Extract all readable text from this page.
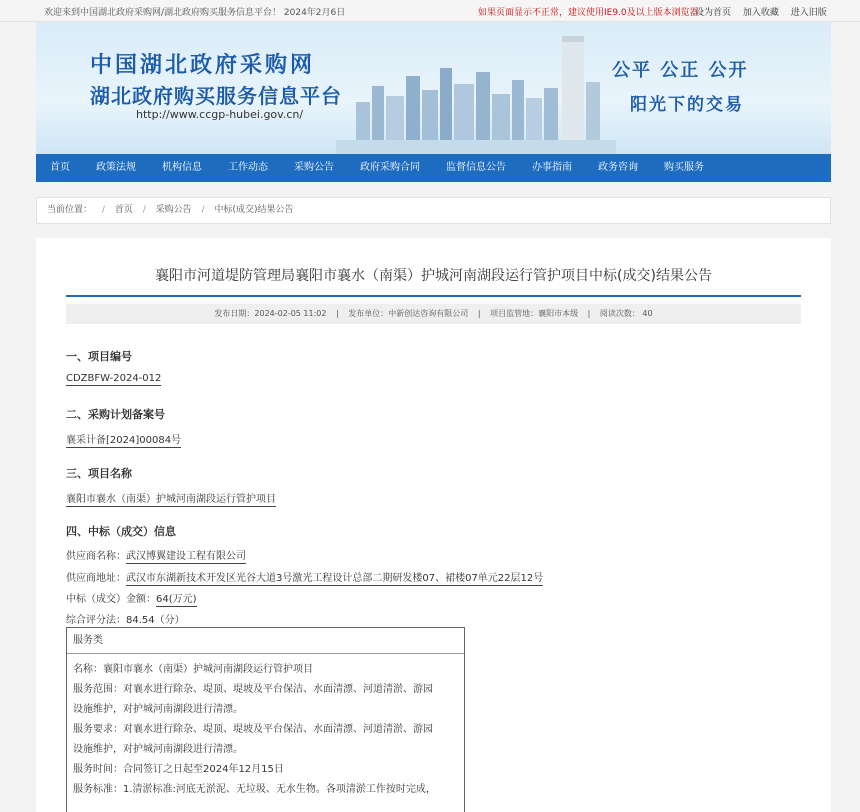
欢迎来到中国湖北政府采购网/湖北政府购买服务信息平台！ 2024年2月6日	如果页面显示不正常，建议使用IE9.0及以上版本浏览器
设为首页 加入收藏 进入旧版
中国湖北政府采购网
湖北政府购买服务信息平台
http://www.ccgp-hubei.gov.cn/
公平 公正 公开
阳光下的交易
首页	政策法规	机构信息	工作动态	采购公告	政府采购合同	监督信息公告	办事指南	政务咨询	购买服务
当前位置： / 首页 / 采购公告 / 中标(成交)结果公告
襄阳市河道堤防管理局襄阳市襄水（南渠）护城河南湖段运行管护项目中标(成交)结果公告
发布日期：2024-02-05 11:02 | 发布单位：中新创达咨询有限公司 | 项目监管地：襄阳市本级 | 阅读次数： 40
一、项目编号
CDZBFW-2024-012
二、采购计划备案号
襄采计备[2024]00084号
三、项目名称
襄阳市襄水（南渠）护城河南湖段运行管护项目
四、中标（成交）信息
供应商名称：武汉博翼建设工程有限公司
供应商地址：武汉市东湖新技术开发区光谷大道3号激光工程设计总部二期研发楼07、裙楼07单元22层12号
中标（成交）金额：64(万元)
综合评分法：84.54（分）
服务类

名称：襄阳市襄水（南渠）护城河南湖段运行管护项目

服务范围：对襄水进行除杂、堤顶、堤坡及平台保洁、水面清漂、河道清淤、游园

设施维护，对护城河南湖段进行清漂。

服务要求：对襄水进行除杂、堤顶、堤坡及平台保洁、水面清漂、河道清淤、游园

设施维护，对护城河南湖段进行清漂。

服务时间：合同签订之日起至2024年12月15日

服务标准：1.清淤标准:河底无淤泥、无垃圾、无水生物。各项清淤工作按时完成，
